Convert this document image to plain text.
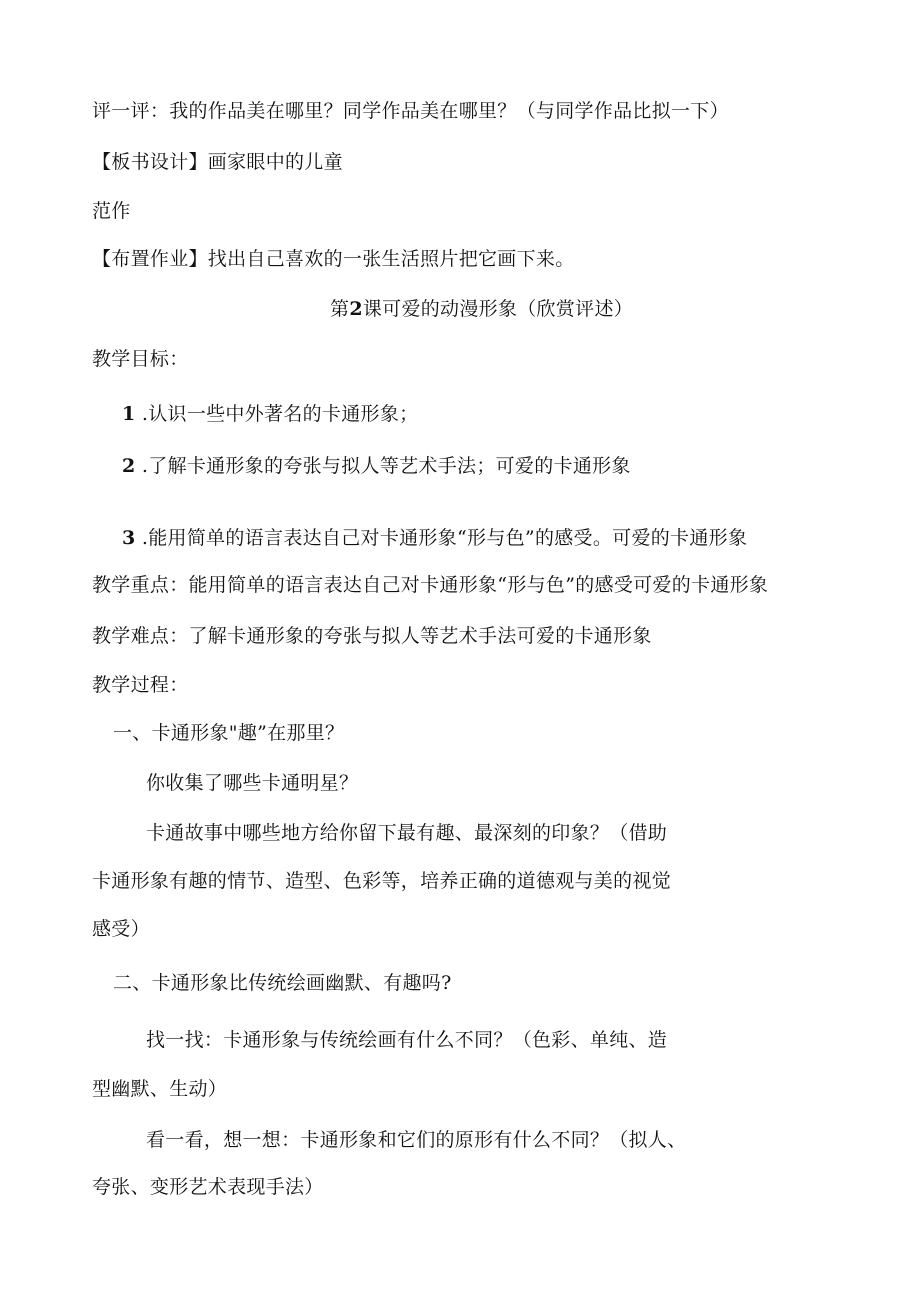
评一评：我的作品美在哪里？同学作品美在哪里？（与同学作品比拟一下）
【板书设计】画家眼中的儿童
范作
【布置作业】找出自己喜欢的一张生活照片把它画下来。
第2课可爱的动漫形象（欣赏评述）
教学目标：
1 .认识一些中外著名的卡通形象；
2 .了解卡通形象的夸张与拟人等艺术手法；可爱的卡通形象
3 .能用简单的语言表达自己对卡通形象“形与色”的感受。可爱的卡通形象
教学重点：能用简单的语言表达自己对卡通形象“形与色”的感受可爱的卡通形象
教学难点：了解卡通形象的夸张与拟人等艺术手法可爱的卡通形象
教学过程：
一、卡通形象"趣”在那里？
你收集了哪些卡通明星？
卡通故事中哪些地方给你留下最有趣、最深刻的印象？（借助
卡通形象有趣的情节、造型、色彩等，培养正确的道德观与美的视觉
感受）
二、卡通形象比传统绘画幽默、有趣吗?
找一找：卡通形象与传统绘画有什么不同？（色彩、单纯、造
型幽默、生动）
看一看，想一想：卡通形象和它们的原形有什么不同？（拟人、
夸张、变形艺术表现手法）
